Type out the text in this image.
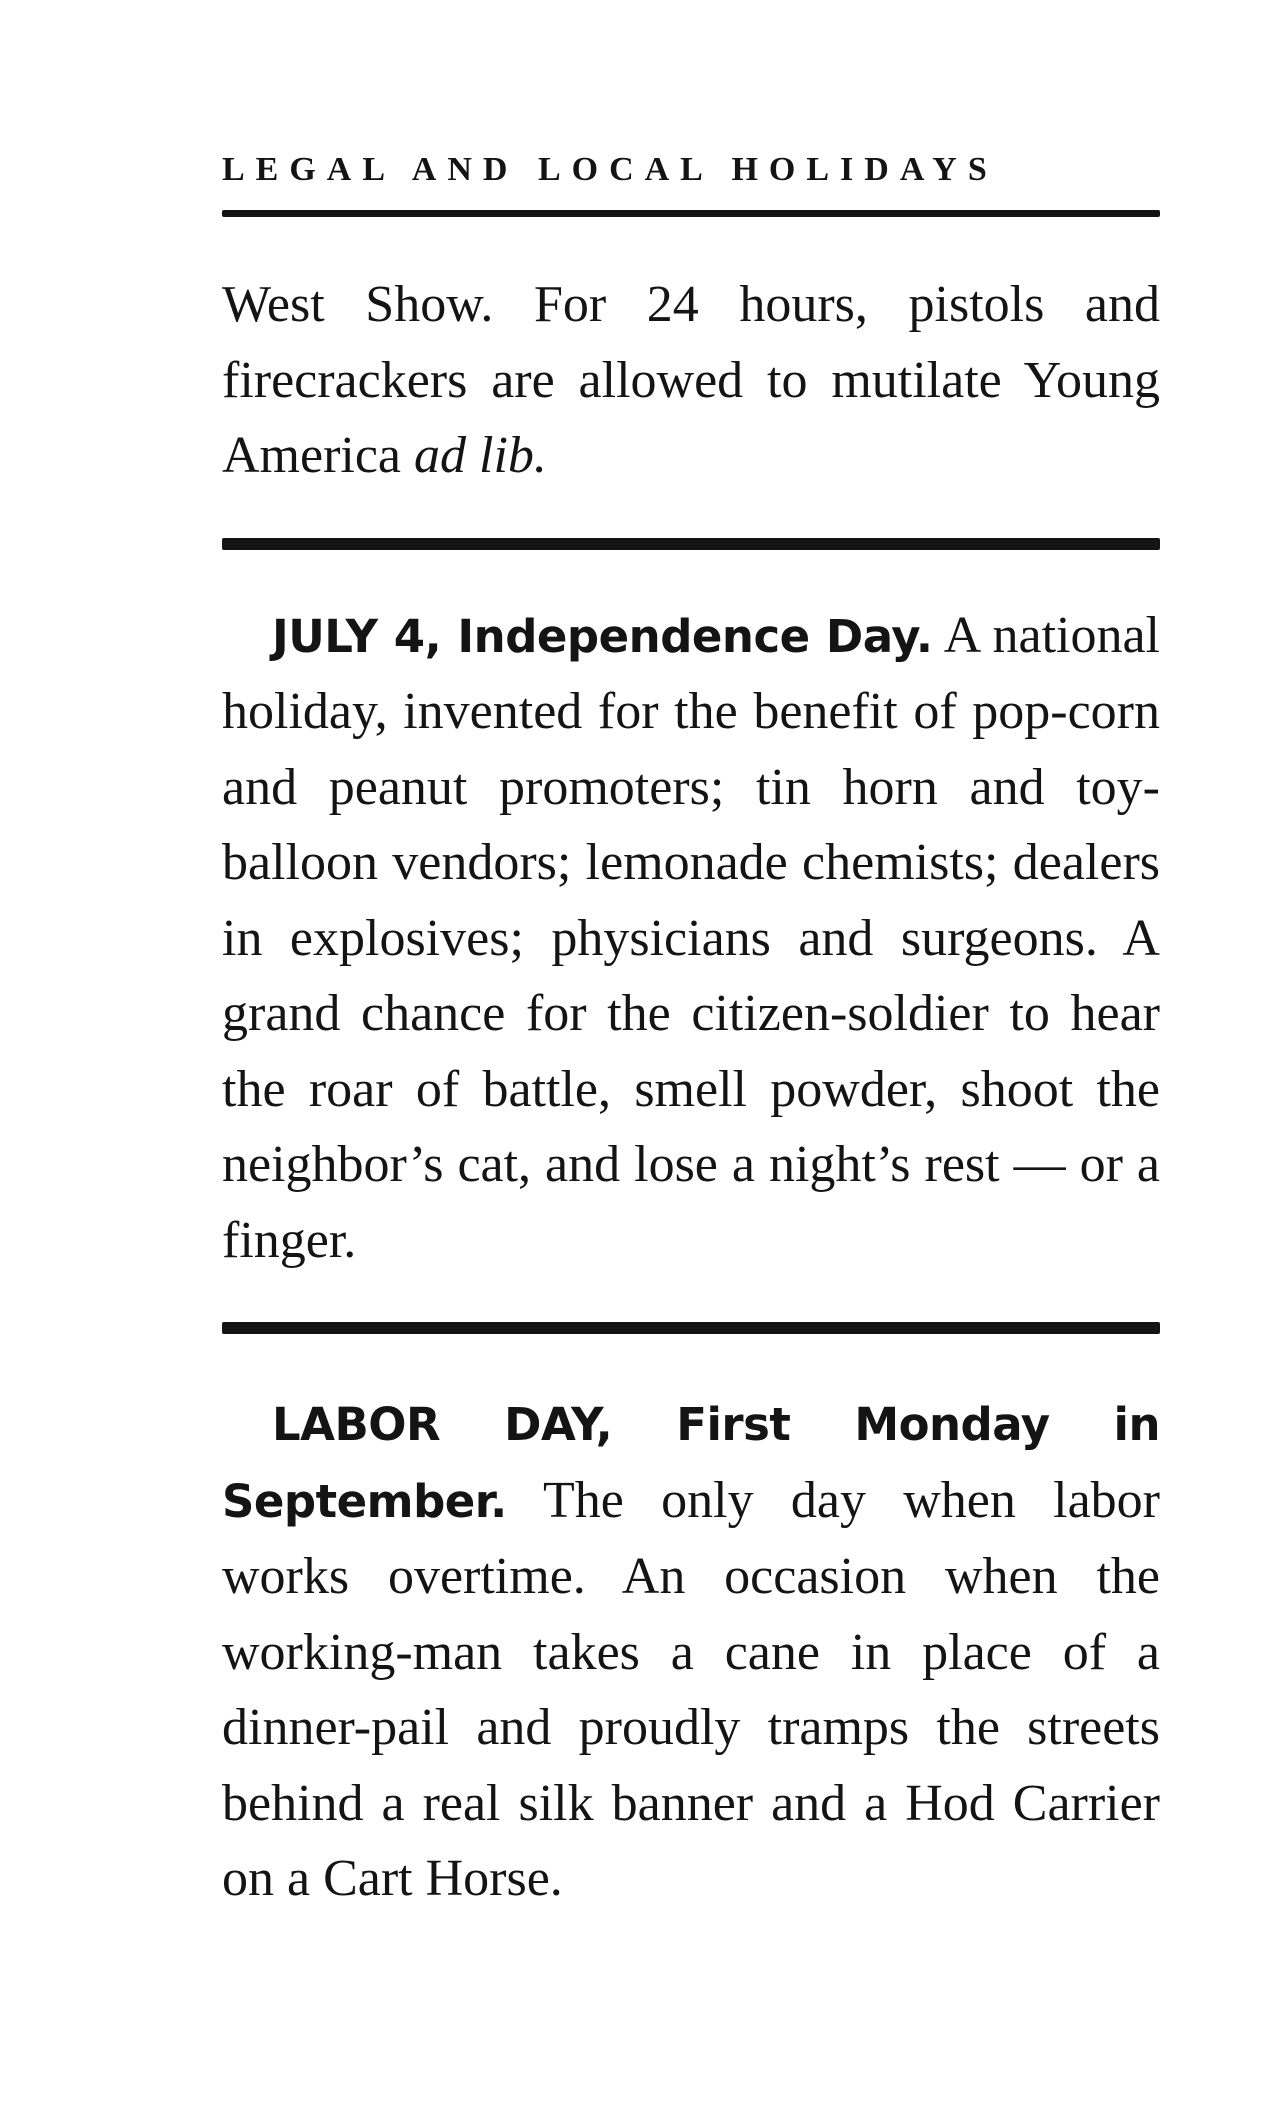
LEGAL AND LOCAL HOLIDAYS

West Show. For 24 hours, pistols and firecrackers are allowed to mutilate Young America ad lib.

JULY 4, Independence Day. A national holiday, invented for the benefit of pop-corn and peanut promoters; tin horn and toy-balloon vendors; lemonade chemists; dealers in explosives; physicians and surgeons. A grand chance for the citizen-soldier to hear the roar of battle, smell powder, shoot the neighbor’s cat, and lose a night’s rest — or a finger.

LABOR DAY, First Monday in September. The only day when labor works overtime. An occasion when the working-man takes a cane in place of a dinner-pail and proudly tramps the streets behind a real silk banner and a Hod Carrier on a Cart Horse.
